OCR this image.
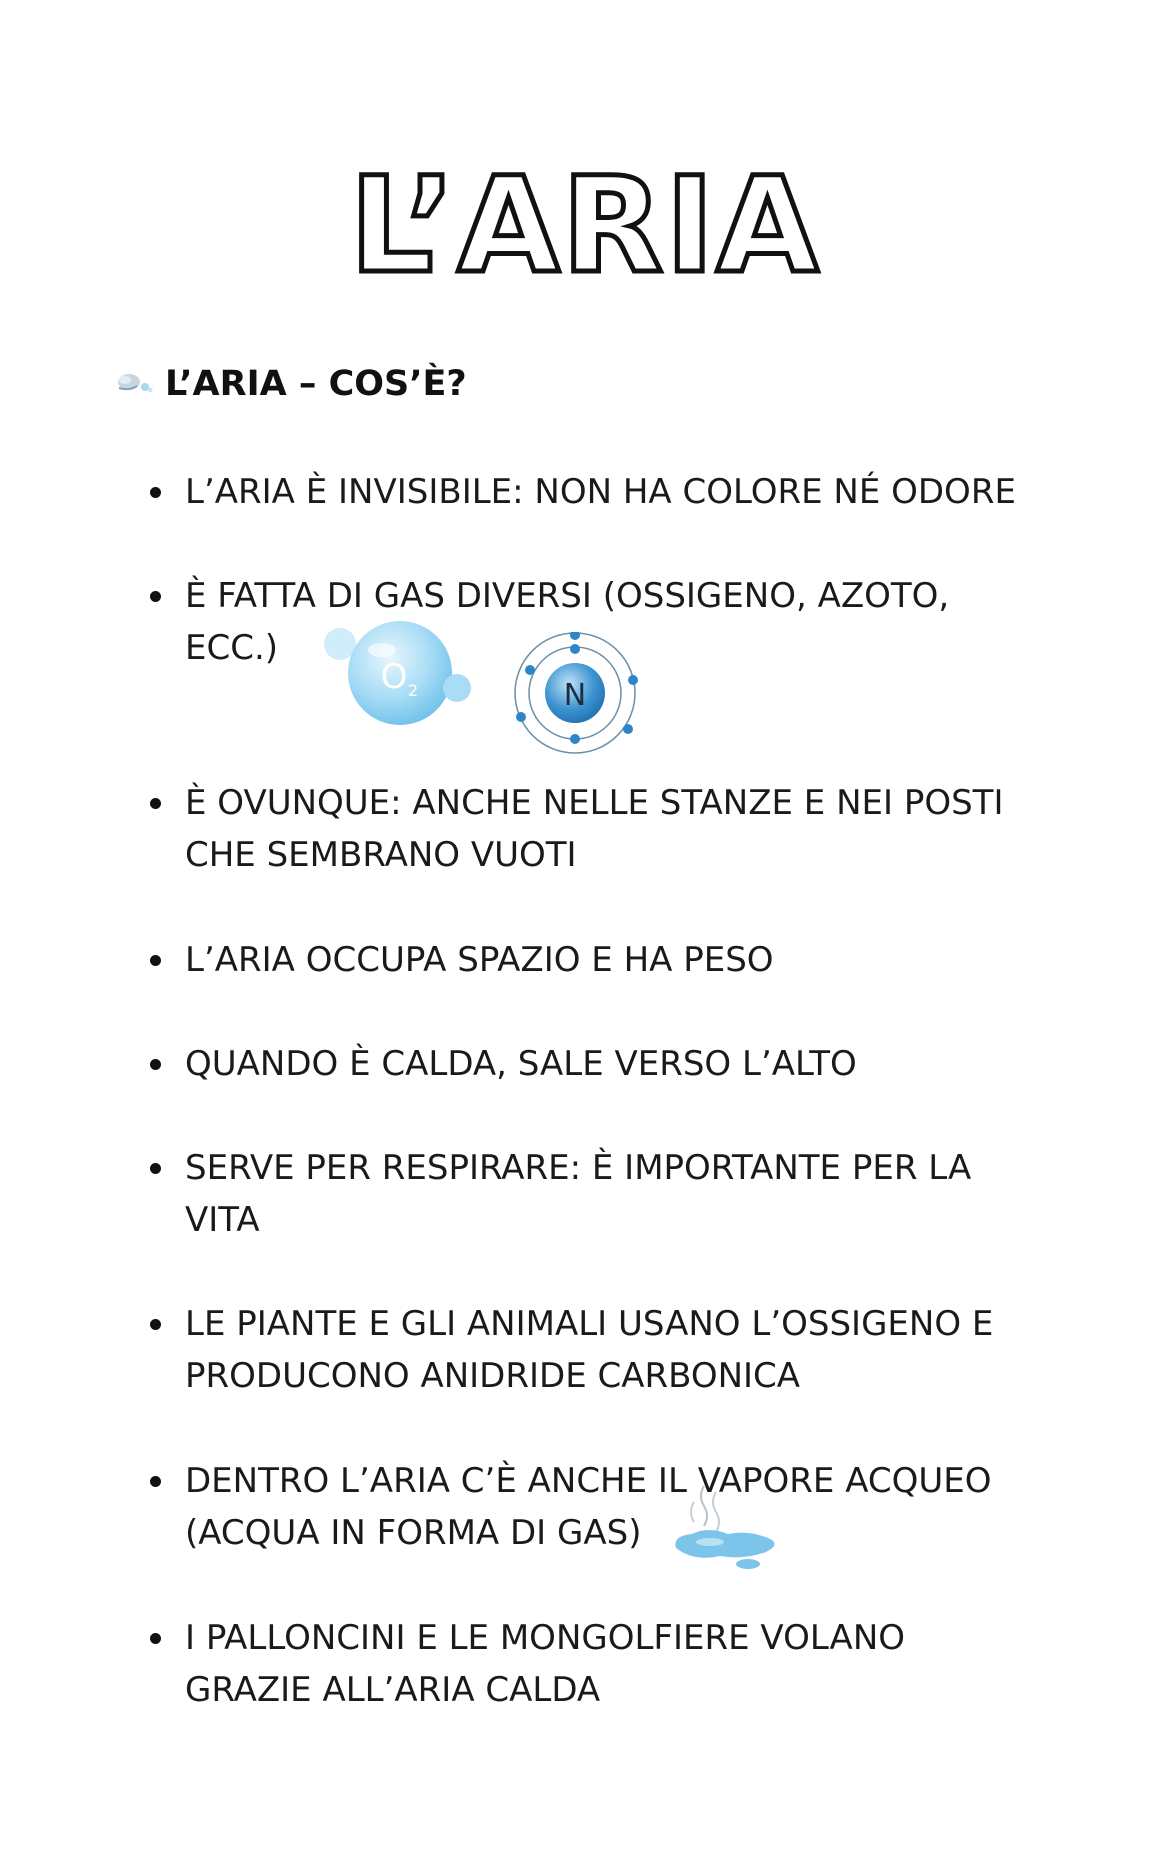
L’ARIA
L’ARIA – COS’È?
L’ARIA È INVISIBILE: NON HA COLORE NÉ ODORE
È FATTA DI GAS DIVERSI (OSSIGENO, AZOTO, ECC.)
È OVUNQUE: ANCHE NELLE STANZE E NEI POSTI CHE SEMBRANO VUOTI
L’ARIA OCCUPA SPAZIO E HA PESO
QUANDO È CALDA, SALE VERSO L’ALTO
SERVE PER RESPIRARE: È IMPORTANTE PER LA VITA
LE PIANTE E GLI ANIMALI USANO L’OSSIGENO E PRODUCONO ANIDRIDE CARBONICA
DENTRO L’ARIA C’È ANCHE IL VAPORE ACQUEO (ACQUA IN FORMA DI GAS)
I PALLONCINI E LE MONGOLFIERE VOLANO GRAZIE ALL’ARIA CALDA
O 2	N
